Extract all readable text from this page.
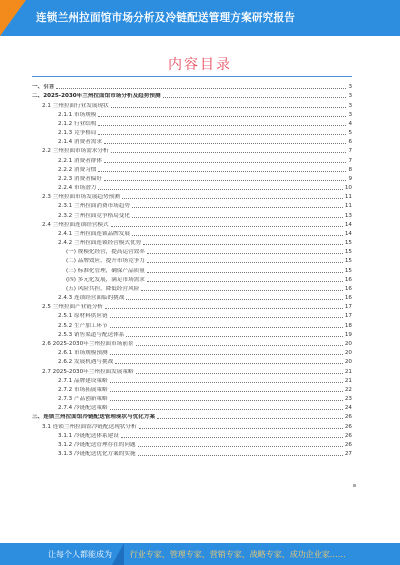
连锁兰州拉面馆市场分析及冷链配送管理方案研究报告
内容目录
一、引言	3
二、2025-2030年兰州拉面馆市场分析及趋势预测	3
2.1 兰州拉面行业发展现状	3
2.1.1 市场规模	3
2.1.2 行业结构	4
2.1.3 竞争格局	5
2.1.4 消费者需求	6
2.2 兰州拉面市场需求分析	7
2.2.1 消费者群体	7
2.2.2 消费习惯	8
2.2.3 消费者偏好	9
2.2.4 市场潜力	10
2.3 兰州拉面市场发展趋势预测	11
2.3.1 兰州拉面消费市场趋势	11
2.3.2 兰州拉面竞争格局变化	13
2.4 兰州拉面连锁经营模式	14
2.4.1 兰州拉面连锁品牌发展	14
2.4.2 兰州拉面连锁经营模式优势	15
(一) 规模化经营，提高运营效率	15
(二) 品牌效应，提升市场竞争力	15
(三) 标准化管理，确保产品质量	15
(四) 多元化发展，满足市场需求	16
(五) 风险共担，降低经营风险	16
2.4.3 连锁经营面临的挑战	16
2.5 兰州拉面产业链分析	17
2.5.1 原材料供应链	17
2.5.2 生产加工环节	18
2.5.3 销售渠道与配送体系	19
2.6 2025-2030年兰州拉面市场前景	20
2.6.1 市场规模预测	20
2.6.2 发展机遇与挑战	20
2.7 2025-2030年兰州拉面发展策略	21
2.7.1 品牌建设策略	21
2.7.2 市场拓展策略	22
2.7.3 产品创新策略	23
2.7.4 冷链配送策略	24
三、连锁兰州拉面馆冷链配送管理现状与优化方案	26
3.1 连锁兰州拉面馆冷链配送现状分析	26
3.1.1 冷链配送体系建设	26
3.1.2 冷链配送管理存在的问题	26
3.1.3 冷链配送优化方案的实施	27
让每个人都能成为 行业专家、管理专家、营销专家、战略专家、成功企业家……
